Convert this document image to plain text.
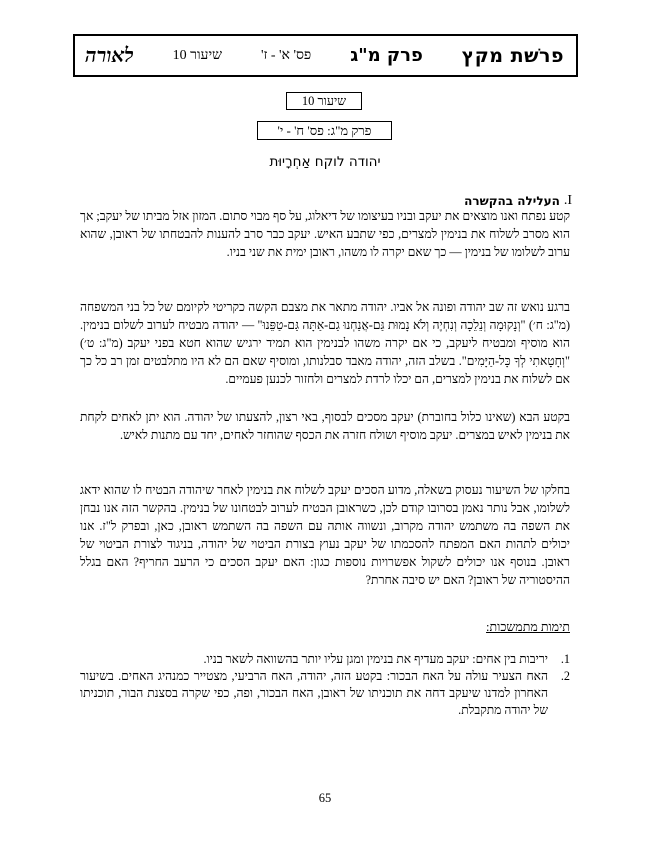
פרשׁת מקץ
פרק מ"ג
פס' א' - ז'
שיעור 10
לאורה
שיעור 10
פרק מ"ג: פס' ח' - י'
יהודה לוקח אַחְרָיוּת
I.
העלילה בהקשרה

קטע נפתח ואנו מוצאים את יעקב ובניו בעיצומו של דיאלוג, על סף מבוי סתום. המזון אזל מביתו של יעקב; אך הוא מסרב לשלוח את בנימין למצרים, כפי שתבע האיש. יעקב כבר סרב להענות להבטחתו של ראובן, שהוא ערוב לשלומו של בנימין — כך שאם יקרה לו משהו, ראובן ימית את שני בניו.

ברגע נואש זה שב יהודה ופונה אל אביו. יהודה מתאר את מצבם הקשה כקריטי לקיומם של כל בני המשפחה (מ"ג: ח׳) "וְנָקוּמָה וְנֵלֵכָה וְנִחְיֶה וְלֹא נָמוּת גַּם-אֲנַחְנוּ גַם-אַתָּה גַּם-טַפֵּנוּ" — יהודה מבטיח לערוב לשלום בנימין. הוא מוסיף ומבטיח ליעקב, כי אם יקרה משהו לבנימין הוא תמיד ירגיש שהוא חטא בפני יעקב (מ"ג: ט׳) "וְחָטָאתִי לְךָ כָּל-הַיָּמִים". בשלב הזה, יהודה מאבד סבלנותו, ומוסיף שאם הם לא היו מתלבטים זמן רב כל כך אם לשלוח את בנימין למצרים, הם יכלו לרדת למצרים ולחזור לכנען פעמיים.

בקטע הבא (שאינו כלול בחוברת) יעקב מסכים לבסוף, באי רצון, להצעתו של יהודה. הוא יתן לאחים לקחת את בנימין לאיש במצרים. יעקב מוסיף ושולח חזרה את הכסף שהוחזר לאחים, יחד עם מתנות לאיש.

בחלקו של השיעור נעסוק בשאלה, מדוע הסכים יעקב לשלוח את בנימין לאחר שיהודה הבטיח לו שהוא ידאג לשלומו, אבל נותר נאמן בסרובו קודם לכן, כשראובן הבטיח לערוב לבטחונו של בנימין. בהקשר הזה אנו נבחן את השפה בה משתמש יהודה מקרוב, ונשווה אותה עם השפה בה השתמש ראובן, כאן, ובפרק ל"ז. אנו יכולים לתהות האם המפתח להסכמתו של יעקב נעוץ בצורת הביטוי של יהודה, בניגוד לצורת הביטוי של ראובן. בנוסף אנו יכולים לשקול אפשרויות נוספות כגון: האם יעקב הסכים כי הרעב החריף? האם בגלל ההיסטוריה של ראובן? האם יש סיבה אחרת?

תימות מתמשכות:
1.
יריבות בין אחים: יעקב מעדיף את בנימין ומגן עליו יותר בהשוואה לשאר בניו.
2.
האח הצעיר עולה על האח הבכור: בקטע הזה, יהודה, האח הרביעי, מצטייר כמנהיג האחים. בשיעור האחרון למדנו שיעקב דחה את תוכניתו של ראובן, האח הבכור, ופה, כפי שקרה בסצנת הבור, תוכניתו של יהודה מתקבלת.
65
